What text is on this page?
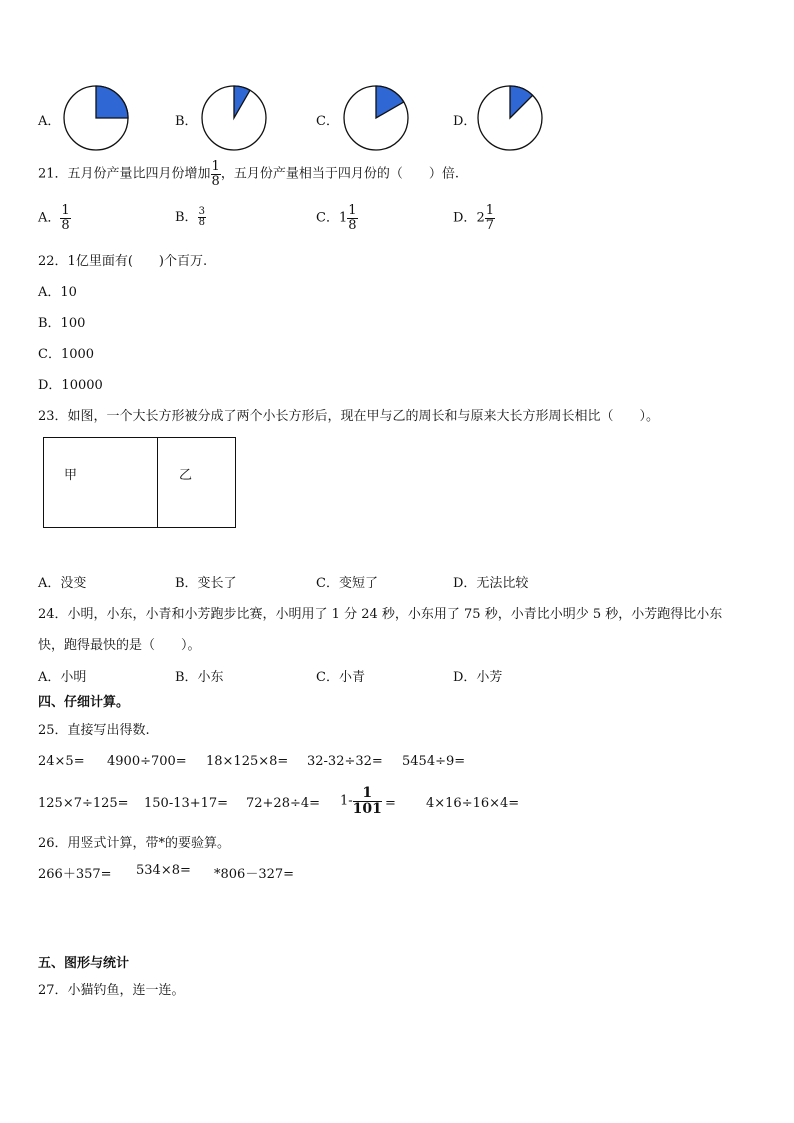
A．	B．	C．	D．
21．五月份产量比四月份增加 $\frac{1}{8}$ ，五月份产量相当于四月份的（　　）倍.
A． $\frac{1}{8}$	B． $\frac{3}{8}$	C．$1 \frac{1}{8}$	D．$2 \frac{1}{7}$
22．1亿里面有(　　)个百万.
A．10
B．100
C．1000
D．10000
23．如图，一个大长方形被分成了两个小长方形后，现在甲与乙的周长和与原来大长方形周长相比（　　）。
甲	乙
A．没变	B．变长了	C．变短了	D．无法比较
24．小明，小东，小青和小芳跑步比赛，小明用了 1 分 24 秒，小东用了 75 秒，小青比小明少 5 秒，小芳跑得比小东
快，跑得最快的是（　　）。
A．小明	B．小东	C．小青	D．小芳
四、仔细计算。
25．直接写出得数.
24×5= 4900÷700= 18×125×8= 32-32÷32= 5454÷9=
$125\times 7\div 125= 150-13+17= 72+28\div 4= 1- \frac{1}{101} = 4\times 16\div 16\times 4=$
26．用竖式计算，带*的要验算。
266＋357= 534×8= *806－327=
五、图形与统计
27．小猫钓鱼，连一连。
